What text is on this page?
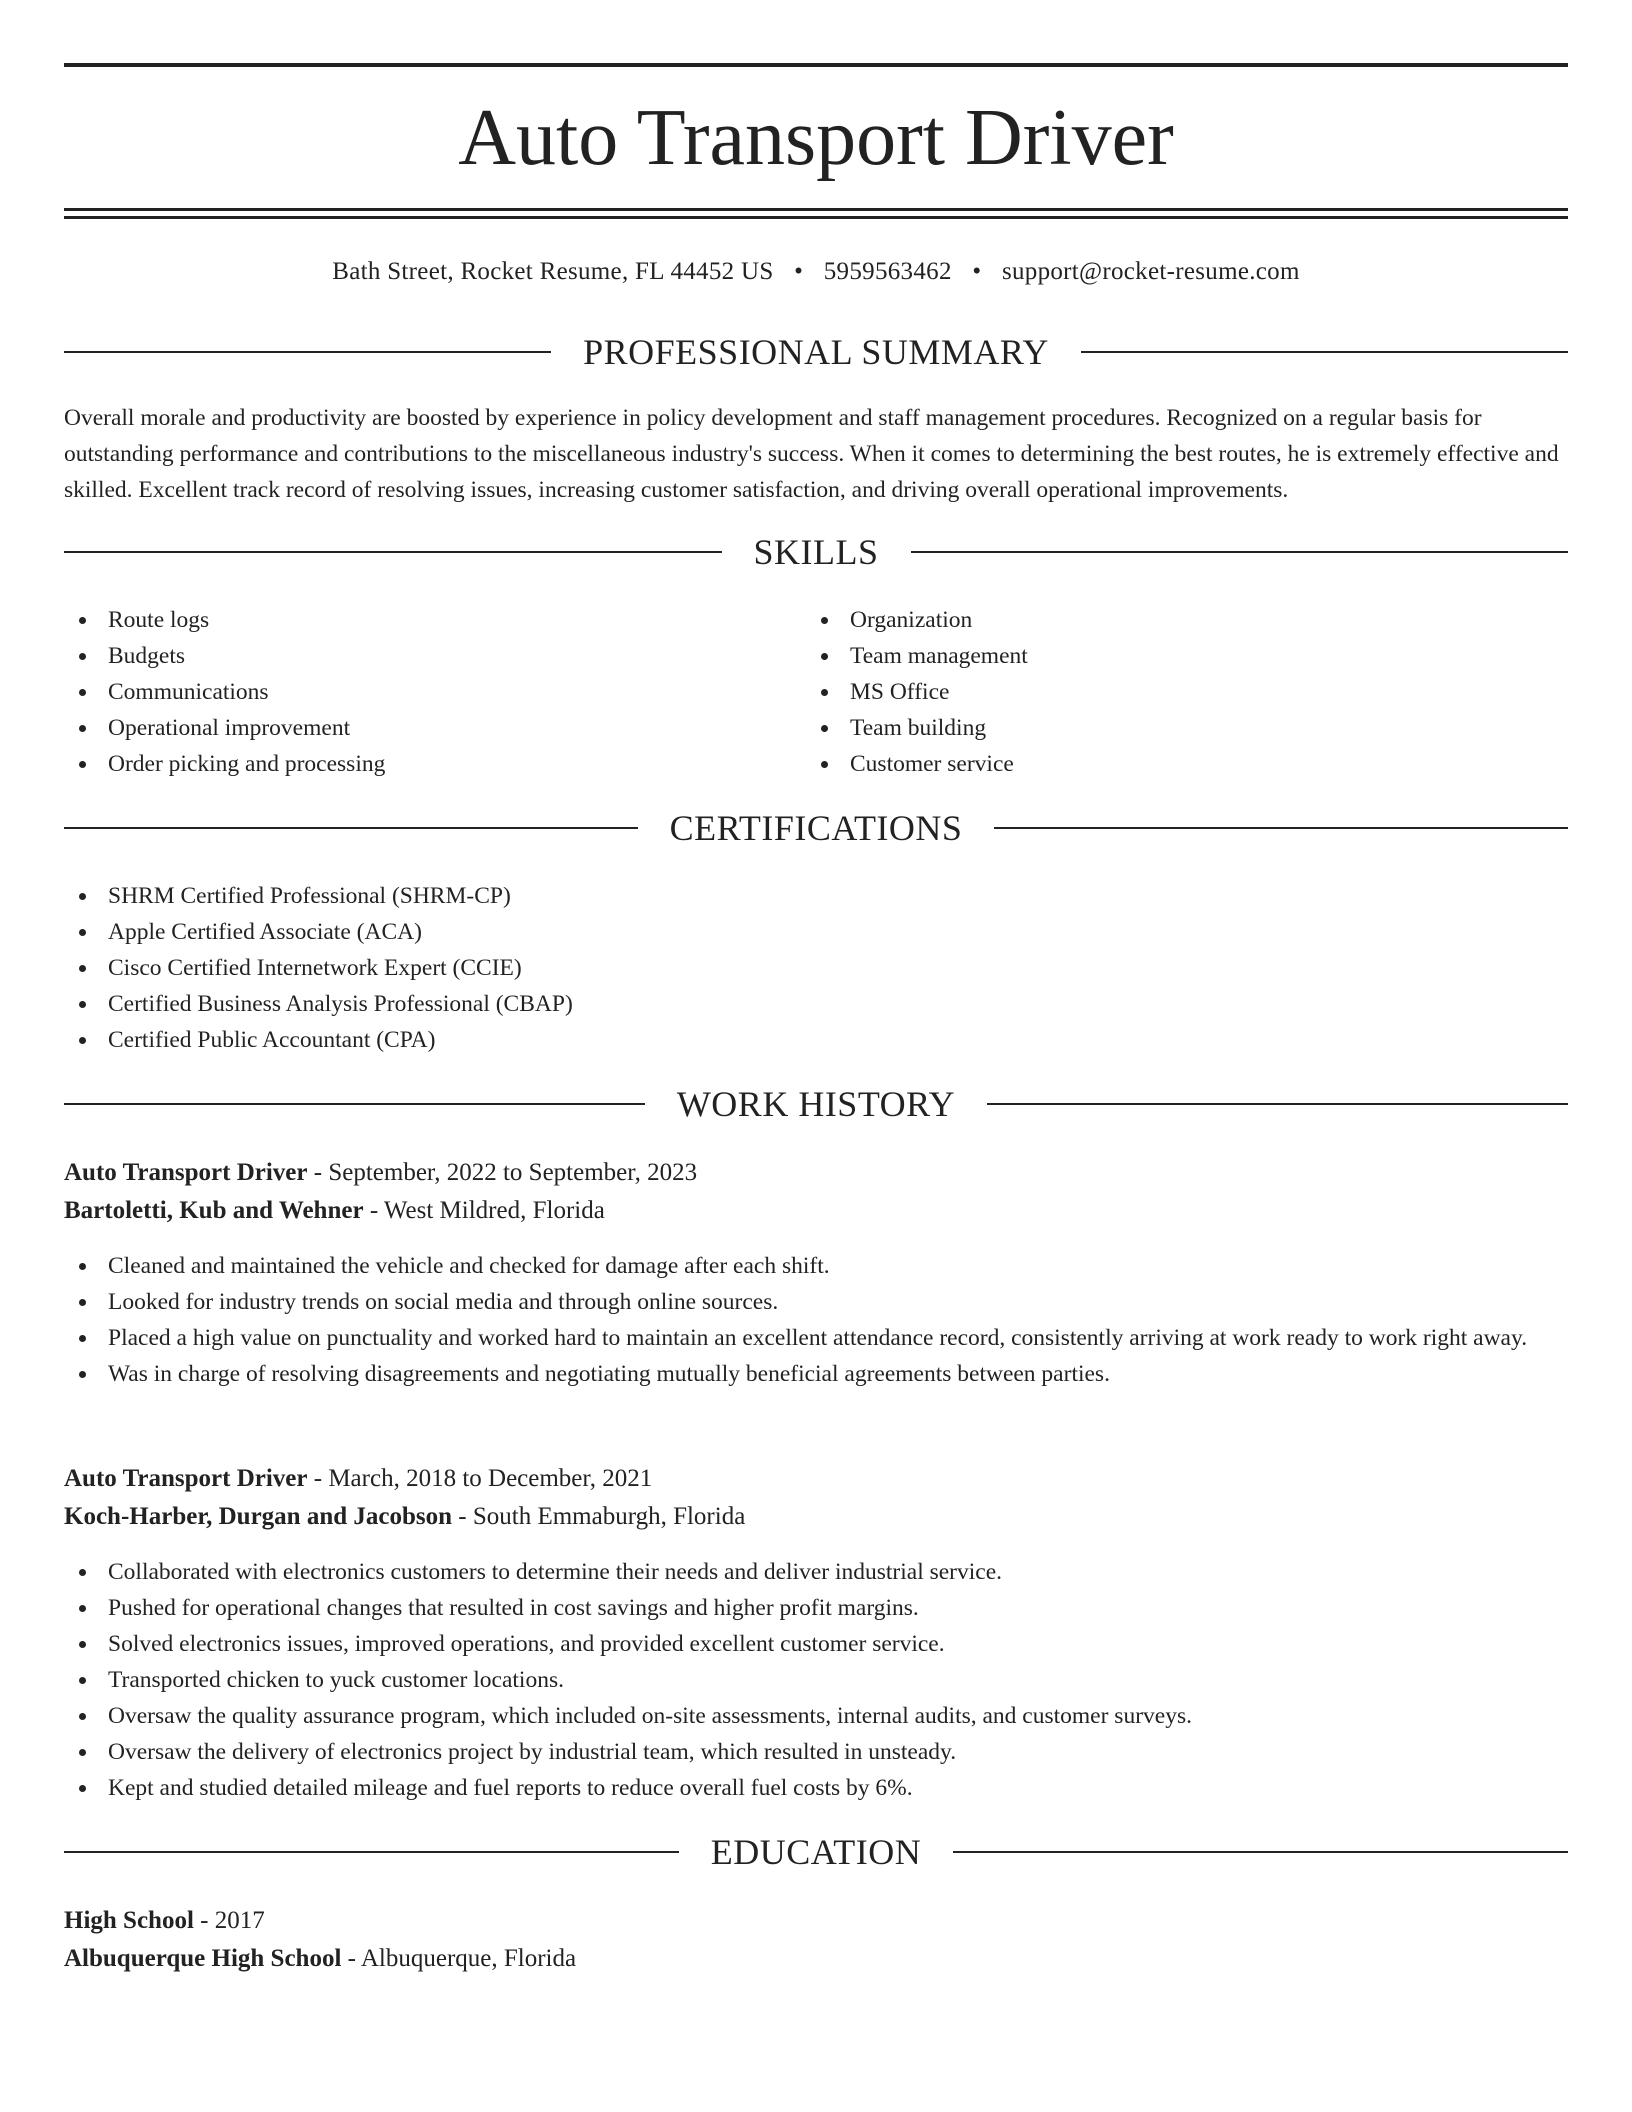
Auto Transport Driver
Bath Street, Rocket Resume, FL 44452 US • 5959563462 • support@rocket-resume.com
PROFESSIONAL SUMMARY

Overall morale and productivity are boosted by experience in policy development and staff management procedures. Recognized on a regular basis for outstanding performance and contributions to the miscellaneous industry's success. When it comes to determining the best routes, he is extremely effective and skilled. Excellent track record of resolving issues, increasing customer satisfaction, and driving overall operational improvements.

SKILLS
Route logs
Budgets
Communications
Operational improvement
Order picking and processing
Organization
Team management
MS Office
Team building
Customer service
CERTIFICATIONS
SHRM Certified Professional (SHRM-CP)
Apple Certified Associate (ACA)
Cisco Certified Internetwork Expert (CCIE)
Certified Business Analysis Professional (CBAP)
Certified Public Accountant (CPA)
WORK HISTORY
Auto Transport Driver - September, 2022 to September, 2023
Bartoletti, Kub and Wehner - West Mildred, Florida
Cleaned and maintained the vehicle and checked for damage after each shift.
Looked for industry trends on social media and through online sources.
Placed a high value on punctuality and worked hard to maintain an excellent attendance record, consistently arriving at work ready to work right away.
Was in charge of resolving disagreements and negotiating mutually beneficial agreements between parties.
Auto Transport Driver - March, 2018 to December, 2021
Koch-Harber, Durgan and Jacobson - South Emmaburgh, Florida
Collaborated with electronics customers to determine their needs and deliver industrial service.
Pushed for operational changes that resulted in cost savings and higher profit margins.
Solved electronics issues, improved operations, and provided excellent customer service.
Transported chicken to yuck customer locations.
Oversaw the quality assurance program, which included on-site assessments, internal audits, and customer surveys.
Oversaw the delivery of electronics project by industrial team, which resulted in unsteady.
Kept and studied detailed mileage and fuel reports to reduce overall fuel costs by 6%.
EDUCATION
High School - 2017
Albuquerque High School - Albuquerque, Florida
